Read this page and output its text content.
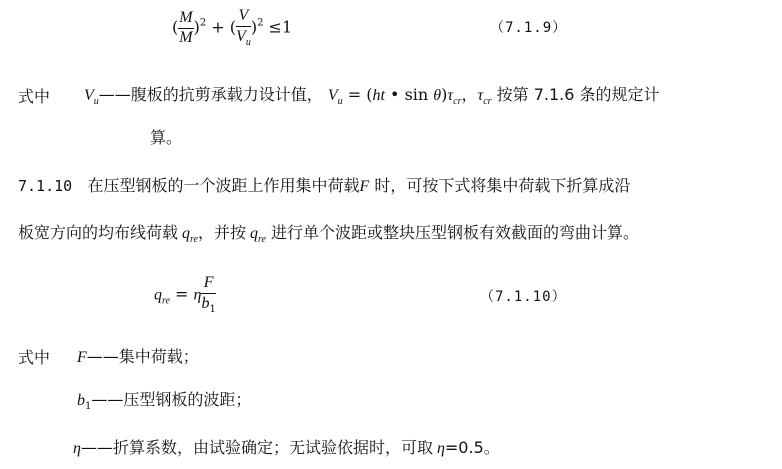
( $\frac{M}{M} )^2$ + ( $\frac{V}{V_u} )^2 \le 1$	（7.1.9）
式中 $V_u——$腹板的抗剪承载力设计值， $V_u = (ht$ • $\sin \theta)\tau_{cr}$，$\tau_{cr}$ 按第 7.1.6 条的规定计
算。
7.1.10   在压型钢板的一个波距上作用集中荷载F 时，可按下式将集中荷载下折算成沿
板宽方向的均布线荷载 $q_{re}$，并按 $q_{re}$ 进行单个波距或整块压型钢板有效截面的弯曲计算。
$q_{re} = \eta \frac{F}{b_1}$	（7.1.10）
式中 F——集中荷载；
$b_1——$压型钢板的波距；
η——折算系数，由试验确定；无试验依据时，可取 η=0.5。
